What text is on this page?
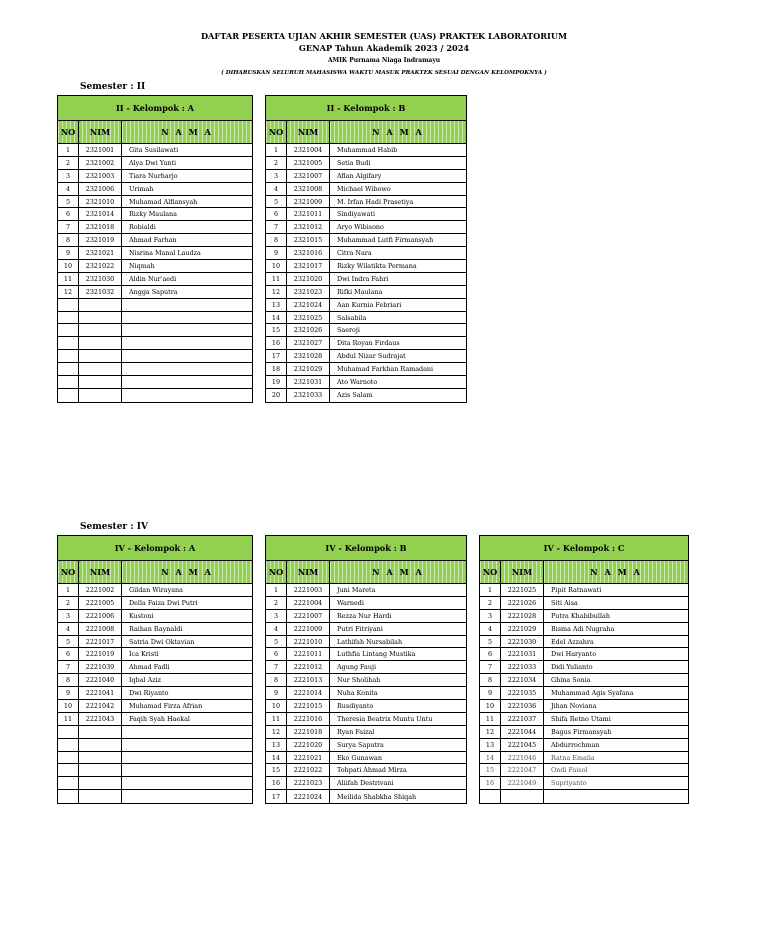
DAFTAR PESERTA UJIAN AKHIR SEMESTER (UAS) PRAKTEK LABORATORIUM
GENAP Tahun Akademik 2023 / 2024
AMIK Purnama Niaga Indramayu
( DIHARUSKAN SELURUH MAHASISWA WAKTU MASUK PRAKTEK SESUAI DENGAN KELOMPOKNYA )
Semester : II
Semester : IV
II - Kelompok : A
NO	NIM	N A M A
1	2321001	Gita Susilawati
2	2321002	Alya Dwi Yanti
3	2321003	Tiara Nurharjo
4	2321006	Urimah
5	2321010	Muhamad Alfiansyah
6	2321014	Rizky Maulana
7	2321018	Robialdi
8	2321019	Ahmad Farhan
9	2321021	Nisrina Manal Laudza
10	2321022	Niqmah
11	2321030	Aldin Nur'aedi
12	2321032	Angga Saputra
II - Kelompok : B
NO	NIM	N A M A
1	2321004	Muhammad Habib
2	2321005	Setia Budi
3	2321007	Aflan Algifary
4	2321008	Michael Wibowo
5	2321009	M. Irfan Hadi Prasetiya
6	2321011	Sindiyawati
7	2321012	Aryo Wibisono
8	2321015	Muhammad Lutfi Firmansyah
9	2321016	Citra Nara
10	2321017	Rizky Wilatikta Permana
11	2321020	Dwi Indra Fahri
12	2321023	Rifki Maulana
13	2321024	Aan Kurnia Febriari
14	2321025	Salsabila
15	2321026	Saeroji
16	2321027	Dita Royan Firdaus
17	2321028	Abdul Nizar Sudrajat
18	2321029	Muhamad Farkhan Ramadani
19	2321031	Ato Warnoto
20	2321033	Azis Salam
IV - Kelompok : A
NO	NIM	N A M A
1	2221002	Gildan Wirayana
2	2221005	Della Faiza Dwi Putri
3	2221006	Kustoni
4	2221008	Raihan Raynaldi
5	2221017	Satria Dwi Oktavian
6	2221019	Ica Kristi
7	2221039	Ahmad Fadli
8	2221040	Iqbal Aziz
9	2221041	Dwi Riyanto
10	2221042	Muhamad Firza Afrian
11	2221043	Faqih Syah Haekal
IV - Kelompok : B
NO	NIM	N A M A
1	2221003	Juni Mareta
2	2221004	Warnedi
3	2221007	Rezza Nur Hardi
4	2221009	Putri Fitriyani
5	2221010	Lathifah Nursabilah
6	2221011	Luthfia Lintang Mustika
7	2221012	Agung Fauji
8	2221013	Nur Sholihah
9	2221014	Nuha Konita
10	2221015	Rusdiyanto
11	2221016	Theresia Beatrix Muntu Untu
12	2221018	Ryan Faizal
13	2221020	Surya Saputra
14	2221021	Eko Gunawan
15	2221022	Tohpati Ahmad Mirza
16	2221023	Aliifah Destrivani
17	2221024	Meilida Shabkha Shiqah
IV - Kelompok : C
NO	NIM	N A M A
1	2221025	Pipit Ratnawati
2	2221026	Siti Aisa
3	2221028	Putra Khabibullah
4	2221029	Bisma Adi Nugraha
5	2221030	Edel Azzahra
6	2221031	Dwi Haryanto
7	2221033	Didi Yulianto
8	2221034	Ghina Sonia
9	2221035	Muhammad Agis Syafana
10	2221036	Jihan Noviana
11	2221037	Shifa Retno Utami
12	2221044	Bagus Firmansyah
13	2221045	Abdurrochman
14	2221046	Ratna Emalia
15	2221047	Ondi Faisol
16	2221049	Supriyanto
